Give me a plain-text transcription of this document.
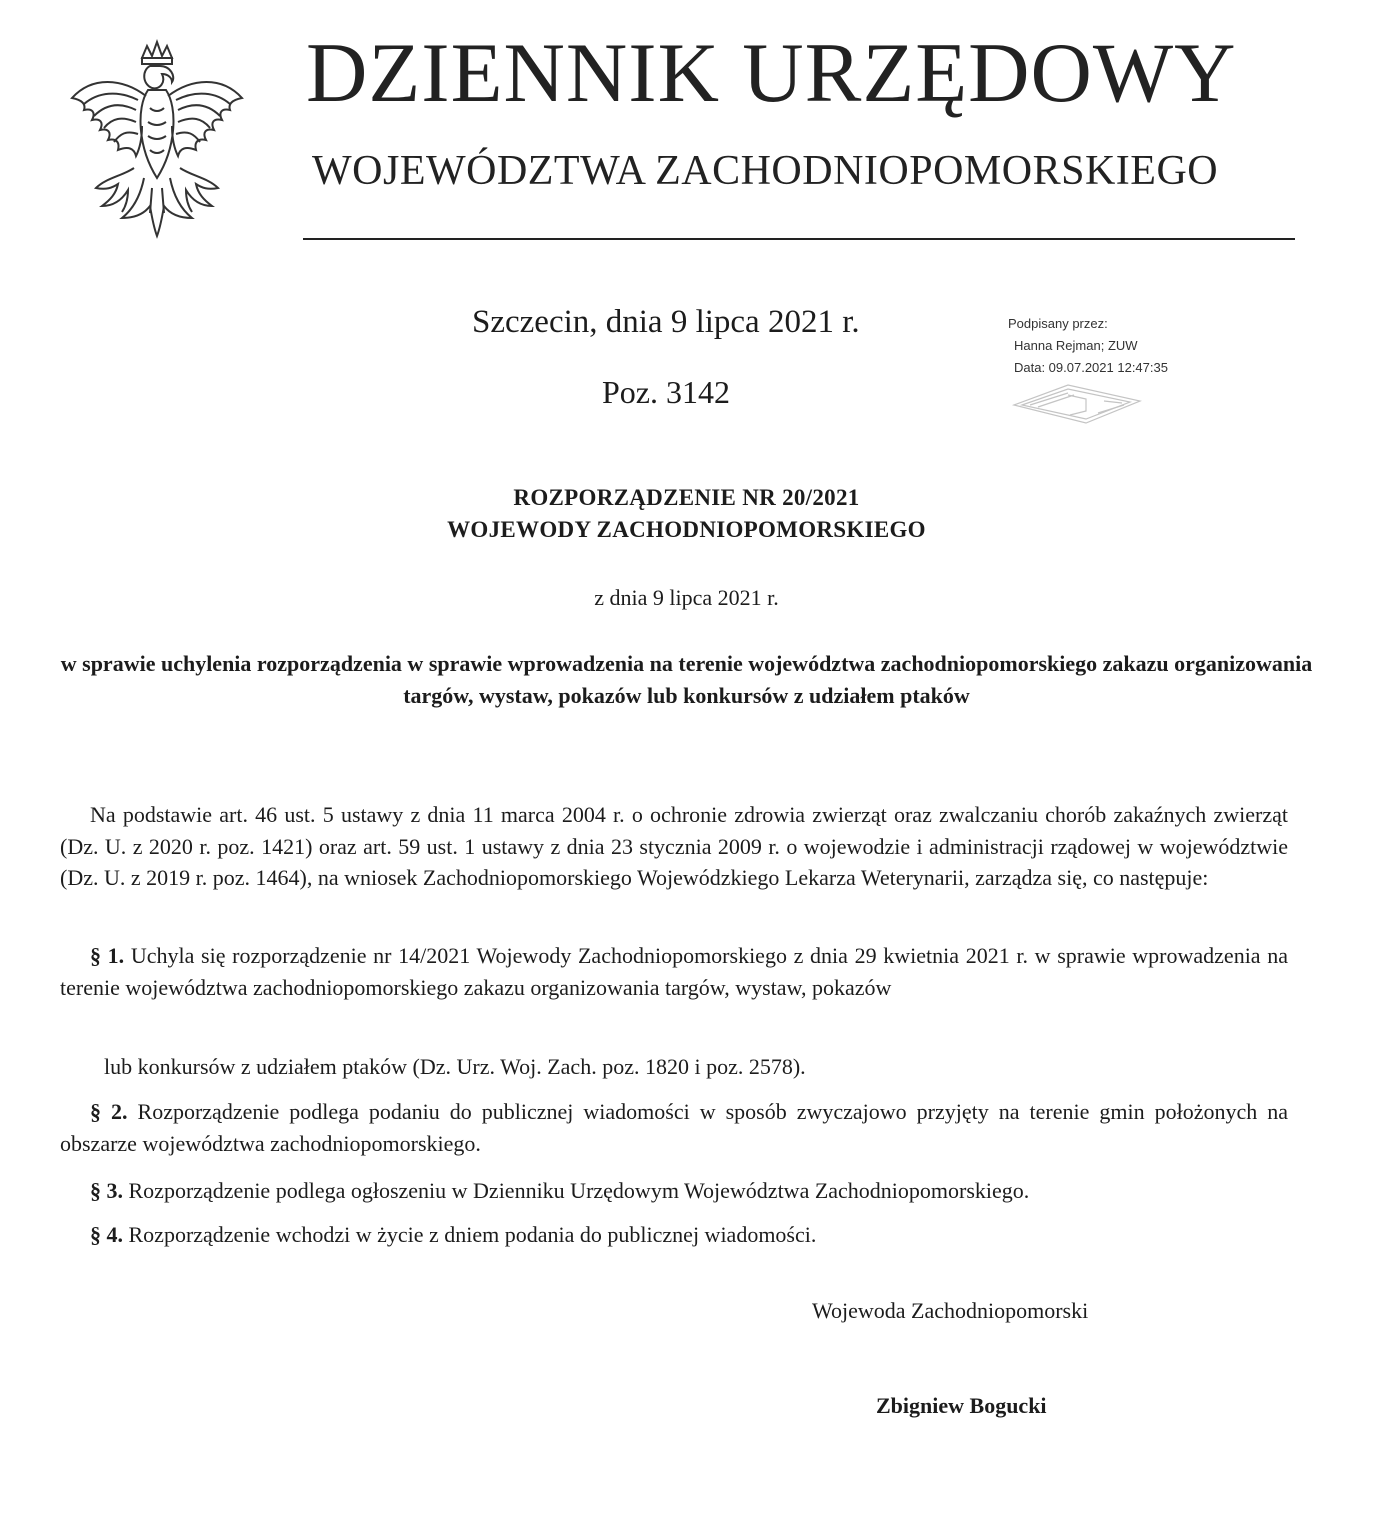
DZIENNIK URZĘDOWY
WOJEWÓDZTWA ZACHODNIOPOMORSKIEGO
Szczecin, dnia 9 lipca 2021 r.
Poz. 3142
Podpisany przez:
Hanna Rejman; ZUW
Data: 09.07.2021 12:47:35
ROZPORZĄDZENIE NR 20/2021
WOJEWODY ZACHODNIOPOMORSKIEGO
z dnia 9 lipca 2021 r.
w sprawie uchylenia rozporządzenia w sprawie wprowadzenia na terenie województwa zachodniopomorskiego zakazu organizowania targów, wystaw, pokazów lub konkursów z udziałem ptaków
Na podstawie art. 46 ust. 5 ustawy z dnia 11 marca 2004 r. o ochronie zdrowia zwierząt oraz zwalczaniu chorób zakaźnych zwierząt (Dz. U. z 2020 r. poz. 1421) oraz art. 59 ust. 1 ustawy z dnia 23 stycznia 2009 r. o wojewodzie i administracji rządowej w województwie (Dz. U. z 2019 r. poz. 1464), na wniosek Zachodniopomorskiego Wojewódzkiego Lekarza Weterynarii, zarządza się, co następuje:
§ 1. Uchyla się rozporządzenie nr 14/2021 Wojewody Zachodniopomorskiego z dnia 29 kwietnia 2021 r. w sprawie wprowadzenia na terenie województwa zachodniopomorskiego zakazu organizowania targów, wystaw, pokazów
lub konkursów z udziałem ptaków (Dz. Urz. Woj. Zach. poz. 1820 i poz. 2578).
§ 2. Rozporządzenie podlega podaniu do publicznej wiadomości w sposób zwyczajowo przyjęty na terenie gmin położonych na obszarze województwa zachodniopomorskiego.
§ 3. Rozporządzenie podlega ogłoszeniu w Dzienniku Urzędowym Województwa Zachodniopomorskiego.
§ 4. Rozporządzenie wchodzi w życie z dniem podania do publicznej wiadomości.
Wojewoda Zachodniopomorski
Zbigniew Bogucki
